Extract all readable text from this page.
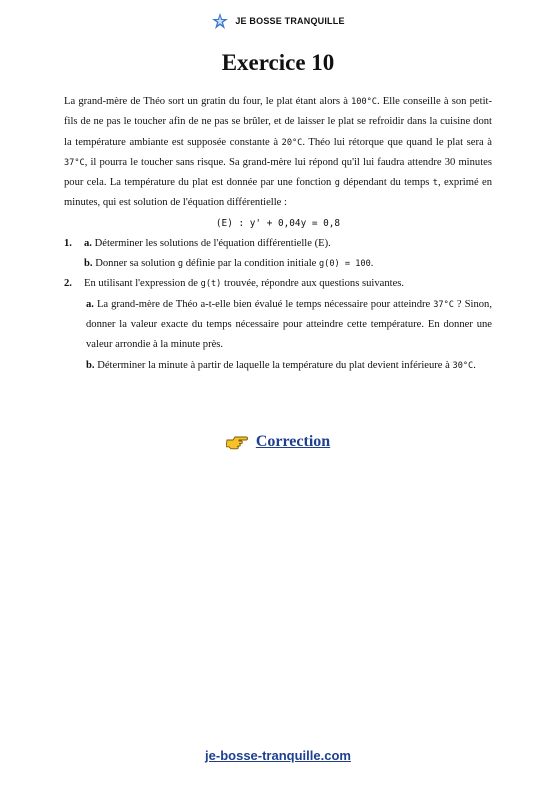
JE BOSSE TRANQUILLE
Exercice 10

La grand-mère de Théo sort un gratin du four, le plat étant alors à 100°C. Elle conseille à son petit-fils de ne pas le toucher afin de ne pas se brûler, et de laisser le plat se refroidir dans la cuisine dont la température ambiante est supposée constante à 20°C. Théo lui rétorque que quand le plat sera à 37°C, il pourra le toucher sans risque. Sa grand-mère lui répond qu'il lui faudra attendre 30 minutes pour cela. La température du plat est donnée par une fonction g dépendant du temps t, exprimé en minutes, qui est solution de l'équation différentielle :

(E) : y' + 0,04y = 0,8

1.	a. Déterminer les solutions de l'équation différentielle (E).
b. Donner sa solution g définie par la condition initiale g(0) = 100.
2.	En utilisant l'expression de g(t) trouvée, répondre aux questions suivantes.
a. La grand-mère de Théo a-t-elle bien évalué le temps nécessaire pour atteindre 37°C ? Sinon, donner la valeur exacte du temps nécessaire pour atteindre cette température. En donner une valeur arrondie à la minute près.
b. Déterminer la minute à partir de laquelle la température du plat devient inférieure à 30°C.
Correction
je-bosse-tranquille.com
